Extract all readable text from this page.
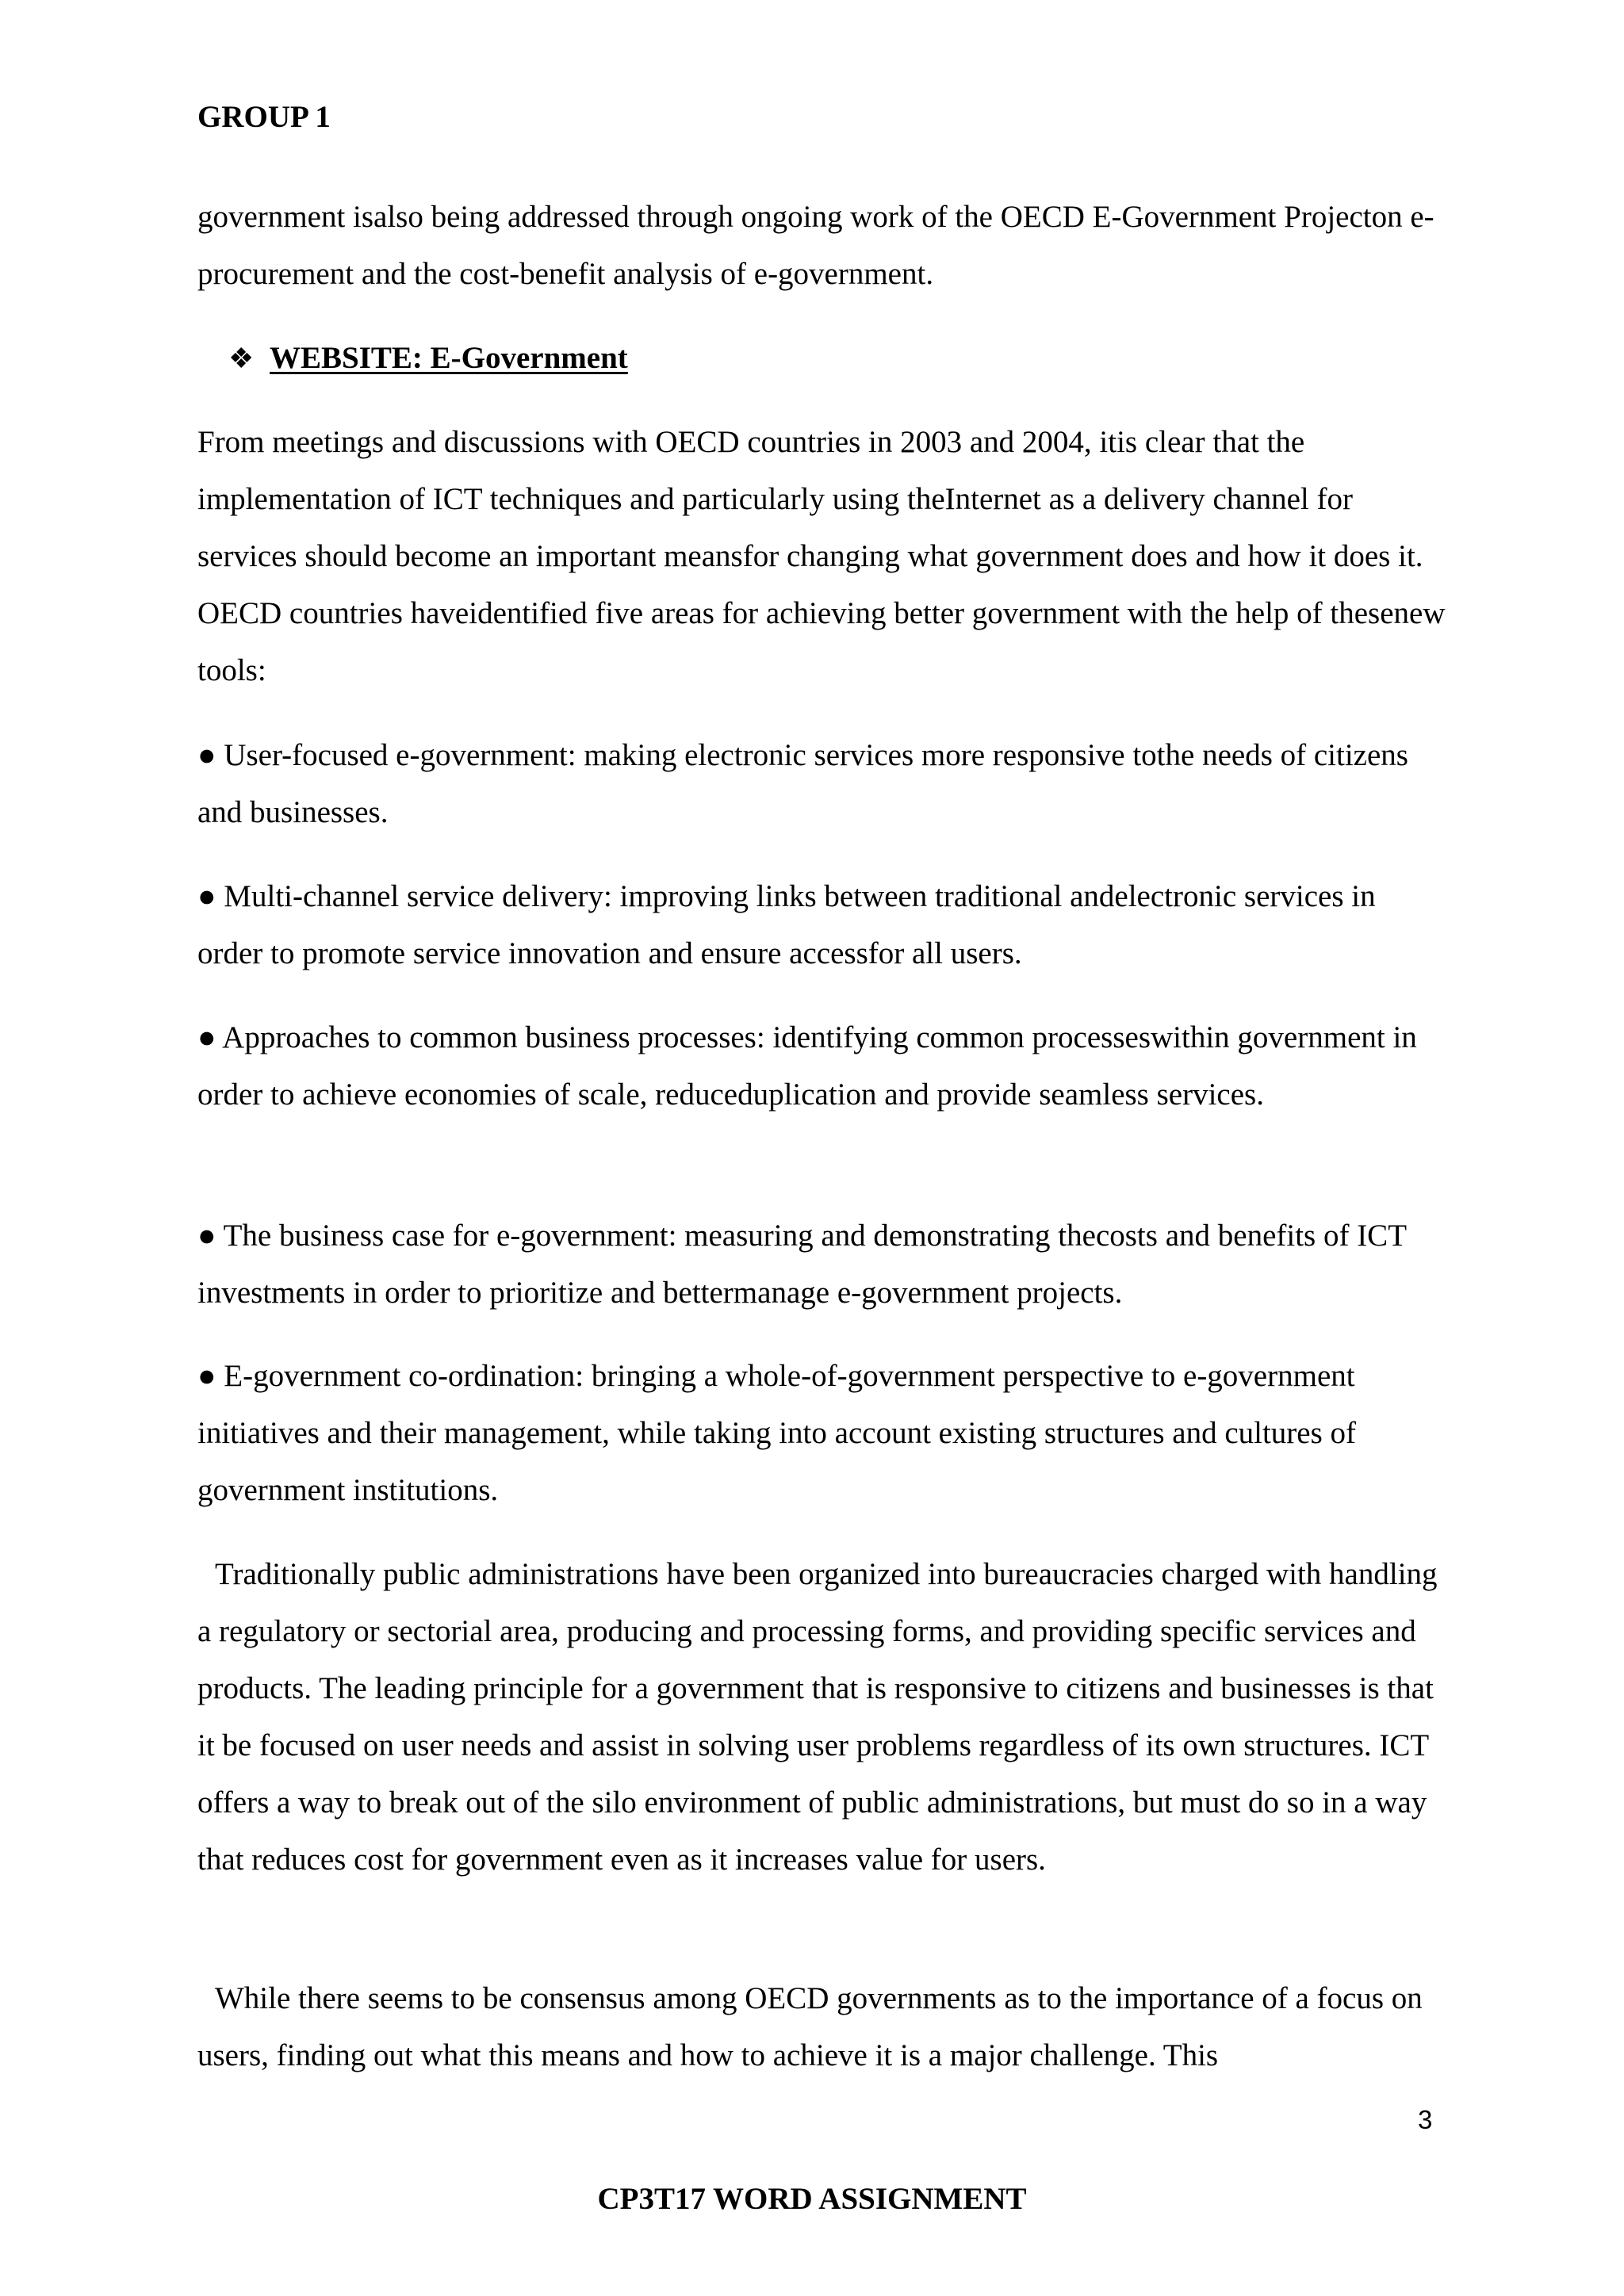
GROUP 1

government isalso being addressed through ongoing work of the OECD E-Government Projecton e-procurement and the cost-benefit analysis of e-government.

❖ WEBSITE: E-Government

From meetings and discussions with OECD countries in 2003 and 2004, itis clear that the implementation of ICT techniques and particularly using theInternet as a delivery channel for services should become an important meansfor changing what government does and how it does it. OECD countries haveidentified five areas for achieving better government with the help of thesenew tools:

● User-focused e-government: making electronic services more responsive tothe needs of citizens and businesses.

● Multi-channel service delivery: improving links between traditional andelectronic services in order to promote service innovation and ensure accessfor all users.

● Approaches to common business processes: identifying common processeswithin government in order to achieve economies of scale, reduceduplication and provide seamless services.

● The business case for e-government: measuring and demonstrating thecosts and benefits of ICT investments in order to prioritize and bettermanage e-government projects.

● E-government co-ordination: bringing a whole-of-government perspective to e-government initiatives and their management, while taking into account existing structures and cultures of government institutions.

Traditionally public administrations have been organized into bureaucracies charged with handling a regulatory or sectorial area, producing and processing forms, and providing specific services and products. The leading principle for a government that is responsive to citizens and businesses is that it be focused on user needs and assist in solving user problems regardless of its own structures. ICT offers a way to break out of the silo environment of public administrations, but must do so in a way that reduces cost for government even as it increases value for users.

While there seems to be consensus among OECD governments as to the importance of a focus on users, finding out what this means and how to achieve it is a major challenge. This

3
CP3T17 WORD ASSIGNMENT
